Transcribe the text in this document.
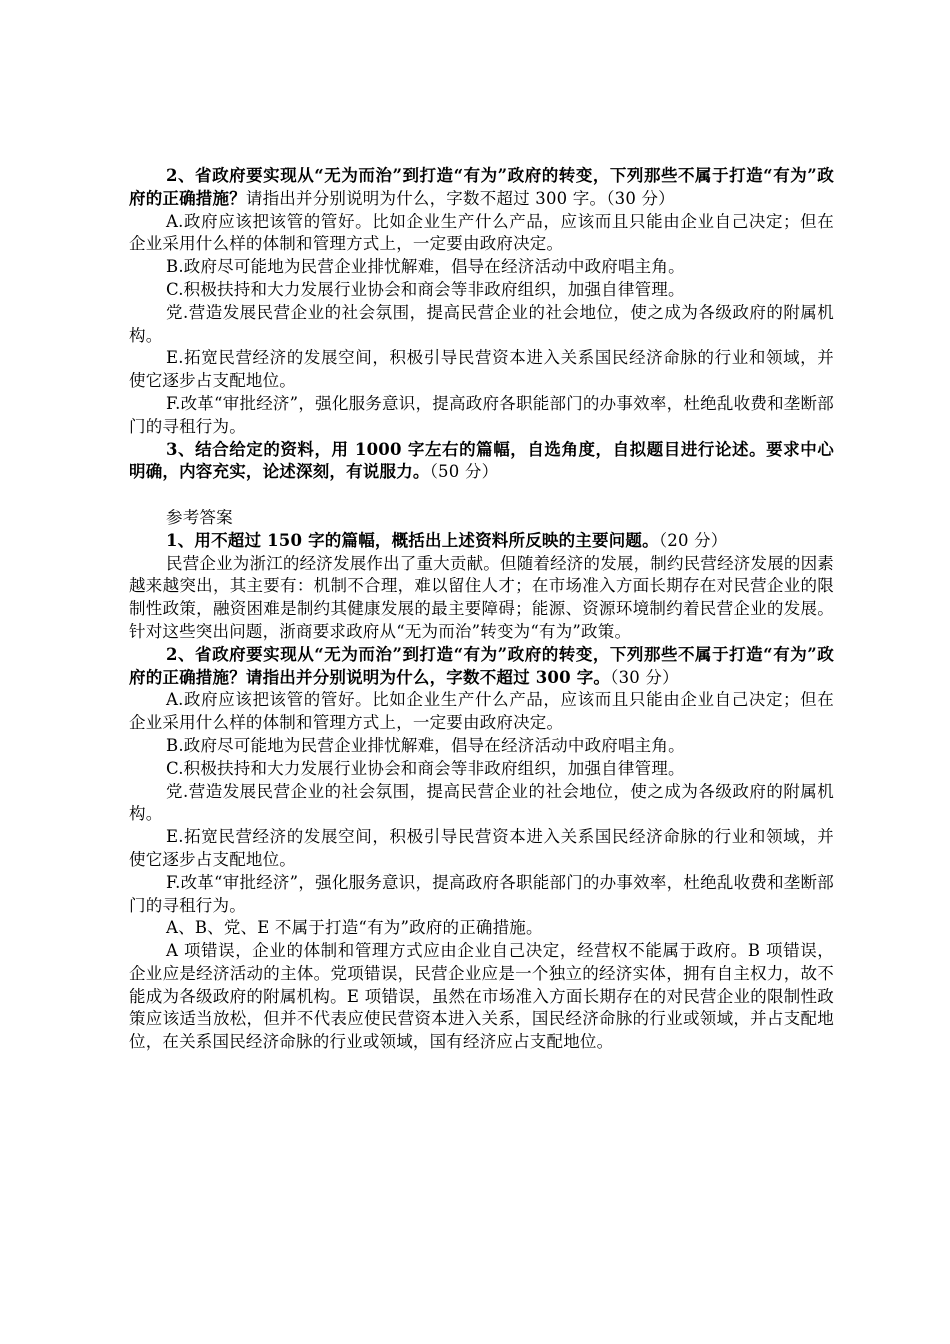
2、省政府要实现从“无为而治”到打造“有为”政府的转变，下列那些不属于打造“有为”政府的正确措施？请指出并分别说明为什么，字数不超过 300 字。（30 分）

A.政府应该把该管的管好。比如企业生产什么产品，应该而且只能由企业自己决定；但在企业采用什么样的体制和管理方式上，一定要由政府决定。

B.政府尽可能地为民营企业排忧解难，倡导在经济活动中政府唱主角。

C.积极扶持和大力发展行业协会和商会等非政府组织，加强自律管理。

党.营造发展民营企业的社会氛围，提高民营企业的社会地位，使之成为各级政府的附属机构。

E.拓宽民营经济的发展空间，积极引导民营资本进入关系国民经济命脉的行业和领域，并使它逐步占支配地位。

F.改革“审批经济”，强化服务意识，提高政府各职能部门的办事效率，杜绝乱收费和垄断部门的寻租行为。

3、结合给定的资料，用 1000 字左右的篇幅，自选角度，自拟题目进行论述。要求中心明确，内容充实，论述深刻，有说服力。（50 分）

参考答案

1、用不超过 150 字的篇幅，概括出上述资料所反映的主要问题。（20 分）

民营企业为浙江的经济发展作出了重大贡献。但随着经济的发展，制约民营经济发展的因素越来越突出，其主要有：机制不合理，难以留住人才；在市场准入方面长期存在对民营企业的限制性政策，融资困难是制约其健康发展的最主要障碍；能源、资源环境制约着民营企业的发展。针对这些突出问题，浙商要求政府从“无为而治”转变为“有为”政策。

2、省政府要实现从“无为而治”到打造“有为”政府的转变，下列那些不属于打造“有为”政府的正确措施？请指出并分别说明为什么，字数不超过 300 字。（30 分）

A.政府应该把该管的管好。比如企业生产什么产品，应该而且只能由企业自己决定；但在企业采用什么样的体制和管理方式上，一定要由政府决定。

B.政府尽可能地为民营企业排忧解难，倡导在经济活动中政府唱主角。

C.积极扶持和大力发展行业协会和商会等非政府组织，加强自律管理。

党.营造发展民营企业的社会氛围，提高民营企业的社会地位，使之成为各级政府的附属机构。

E.拓宽民营经济的发展空间，积极引导民营资本进入关系国民经济命脉的行业和领域，并使它逐步占支配地位。

F.改革“审批经济”，强化服务意识，提高政府各职能部门的办事效率，杜绝乱收费和垄断部门的寻租行为。

A、B、党、E 不属于打造“有为”政府的正确措施。

A 项错误，企业的体制和管理方式应由企业自己决定，经营权不能属于政府。B 项错误，企业应是经济活动的主体。党项错误，民营企业应是一个独立的经济实体，拥有自主权力，故不能成为各级政府的附属机构。E 项错误，虽然在市场准入方面长期存在的对民营企业的限制性政策应该适当放松，但并不代表应使民营资本进入关系，国民经济命脉的行业或领域，并占支配地位，在关系国民经济命脉的行业或领域，国有经济应占支配地位。
